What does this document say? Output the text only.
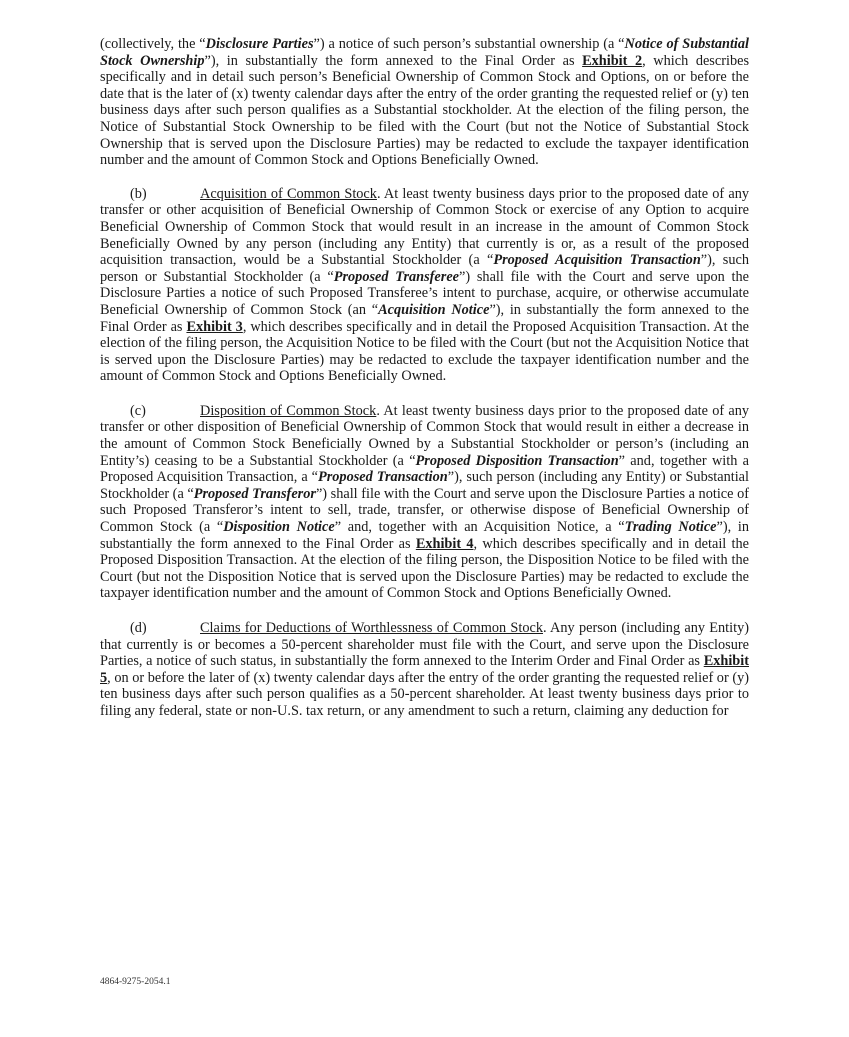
(collectively, the “Disclosure Parties”) a notice of such person’s substantial ownership (a “Notice of Substantial Stock Ownership”), in substantially the form annexed to the Final Order as Exhibit 2, which describes specifically and in detail such person’s Beneficial Ownership of Common Stock and Options, on or before the date that is the later of (x) twenty calendar days after the entry of the order granting the requested relief or (y) ten business days after such person qualifies as a Substantial stockholder. At the election of the filing person, the Notice of Substantial Stock Ownership to be filed with the Court (but not the Notice of Substantial Stock Ownership that is served upon the Disclosure Parties) may be redacted to exclude the taxpayer identification number and the amount of Common Stock and Options Beneficially Owned.

(b)	Acquisition of Common Stock. At least twenty business days prior to the proposed date of any transfer or other acquisition of Beneficial Ownership of Common Stock or exercise of any Option to acquire Beneficial Ownership of Common Stock that would result in an increase in the amount of Common Stock Beneficially Owned by any person (including any Entity) that currently is or, as a result of the proposed acquisition transaction, would be a Substantial Stockholder (a “Proposed Acquisition Transaction”), such person or Substantial Stockholder (a “Proposed Transferee”) shall file with the Court and serve upon the Disclosure Parties a notice of such Proposed Transferee’s intent to purchase, acquire, or otherwise accumulate Beneficial Ownership of Common Stock (an “Acquisition Notice”), in substantially the form annexed to the Final Order as Exhibit 3, which describes specifically and in detail the Proposed Acquisition Transaction. At the election of the filing person, the Acquisition Notice to be filed with the Court (but not the Acquisition Notice that is served upon the Disclosure Parties) may be redacted to exclude the taxpayer identification number and the amount of Common Stock and Options Beneficially Owned.

(c)	Disposition of Common Stock. At least twenty business days prior to the proposed date of any transfer or other disposition of Beneficial Ownership of Common Stock that would result in either a decrease in the amount of Common Stock Beneficially Owned by a Substantial Stockholder or person’s (including an Entity’s) ceasing to be a Substantial Stockholder (a “Proposed Disposition Transaction” and, together with a Proposed Acquisition Transaction, a “Proposed Transaction”), such person (including any Entity) or Substantial Stockholder (a “Proposed Transferor”) shall file with the Court and serve upon the Disclosure Parties a notice of such Proposed Transferor’s intent to sell, trade, transfer, or otherwise dispose of Beneficial Ownership of Common Stock (a “Disposition Notice” and, together with an Acquisition Notice, a “Trading Notice”), in substantially the form annexed to the Final Order as Exhibit 4, which describes specifically and in detail the Proposed Disposition Transaction. At the election of the filing person, the Disposition Notice to be filed with the Court (but not the Disposition Notice that is served upon the Disclosure Parties) may be redacted to exclude the taxpayer identification number and the amount of Common Stock and Options Beneficially Owned.

(d)	Claims for Deductions of Worthlessness of Common Stock. Any person (including any Entity) that currently is or becomes a 50-percent shareholder must file with the Court, and serve upon the Disclosure Parties, a notice of such status, in substantially the form annexed to the Interim Order and Final Order as Exhibit 5, on or before the later of (x) twenty calendar days after the entry of the order granting the requested relief or (y) ten business days after such person qualifies as a 50-percent shareholder. At least twenty business days prior to filing any federal, state or non-U.S. tax return, or any amendment to such a return, claiming any deduction for

4864-9275-2054.1
